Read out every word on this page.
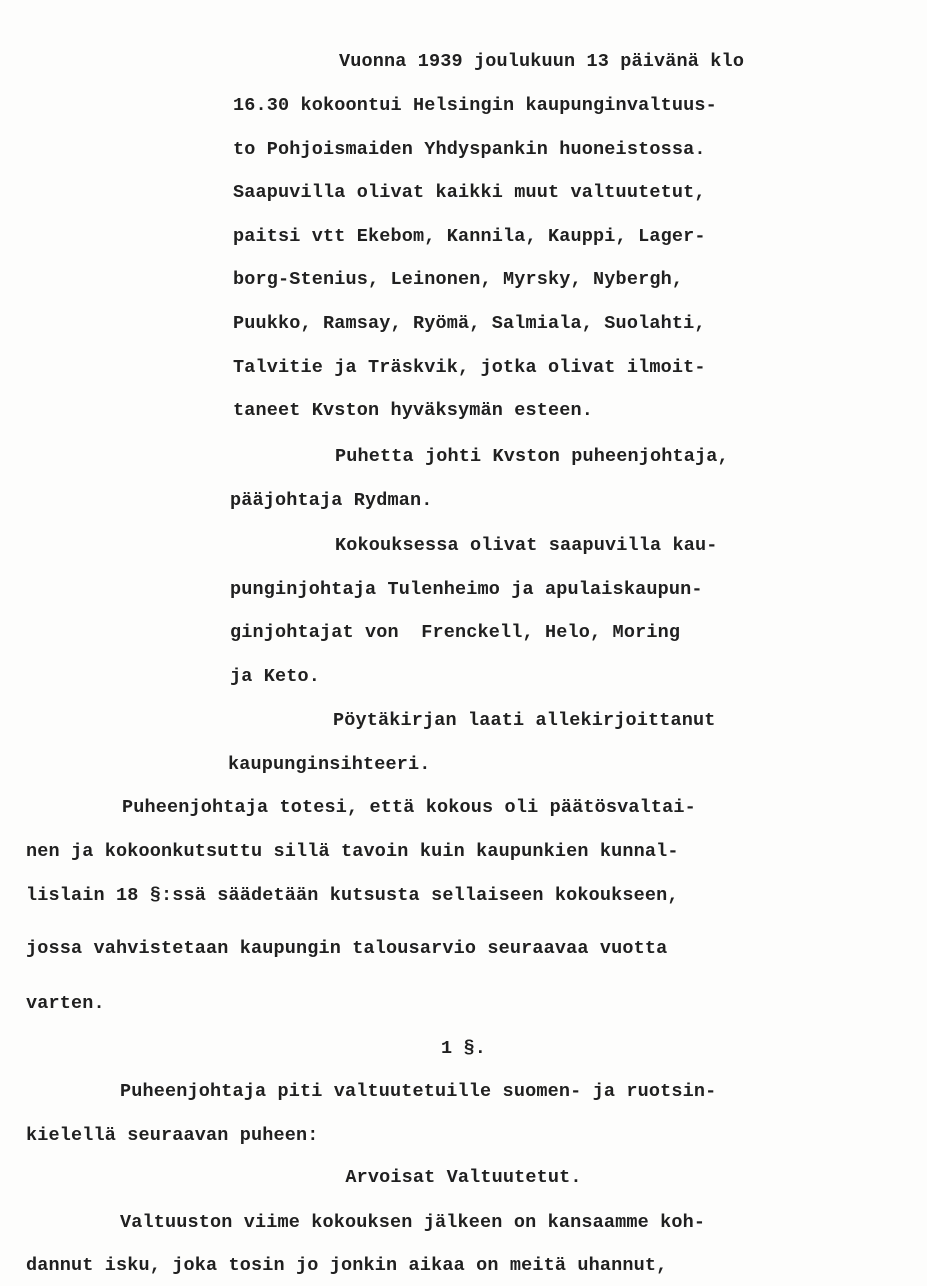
Vuonna 1939 joulukuun 13 päivänä klo
16.30 kokoontui Helsingin kaupunginvaltuus-
to Pohjoismaiden Yhdyspankin huoneistossa.
Saapuvilla olivat kaikki muut valtuutetut,
paitsi vtt Ekebom, Kannila, Kauppi, Lager-
borg-Stenius, Leinonen, Myrsky, Nybergh,
Puukko, Ramsay, Ryömä, Salmiala, Suolahti,
Talvitie ja Träskvik, jotka olivat ilmoit-
taneet Kvston hyväksymän esteen.
Puhetta johti Kvston puheenjohtaja,
pääjohtaja Rydman.
Kokouksessa olivat saapuvilla kau-
punginjohtaja Tulenheimo ja apulaiskaupun-
ginjohtajat von  Frenckell, Helo, Moring
ja Keto.
Pöytäkirjan laati allekirjoittanut
kaupunginsihteeri.
Puheenjohtaja totesi, että kokous oli päätösvaltai-
nen ja kokoonkutsuttu sillä tavoin kuin kaupunkien kunnal-
lislain 18 §:ssä säädetään kutsusta sellaiseen kokoukseen,
jossa vahvistetaan kaupungin talousarvio seuraavaa vuotta
varten.
1 §.
Puheenjohtaja piti valtuutetuille suomen- ja ruotsin-
kielellä seuraavan puheen:
Arvoisat Valtuutetut.
Valtuuston viime kokouksen jälkeen on kansaamme koh-
dannut isku, joka tosin jo jonkin aikaa on meitä uhannut,
